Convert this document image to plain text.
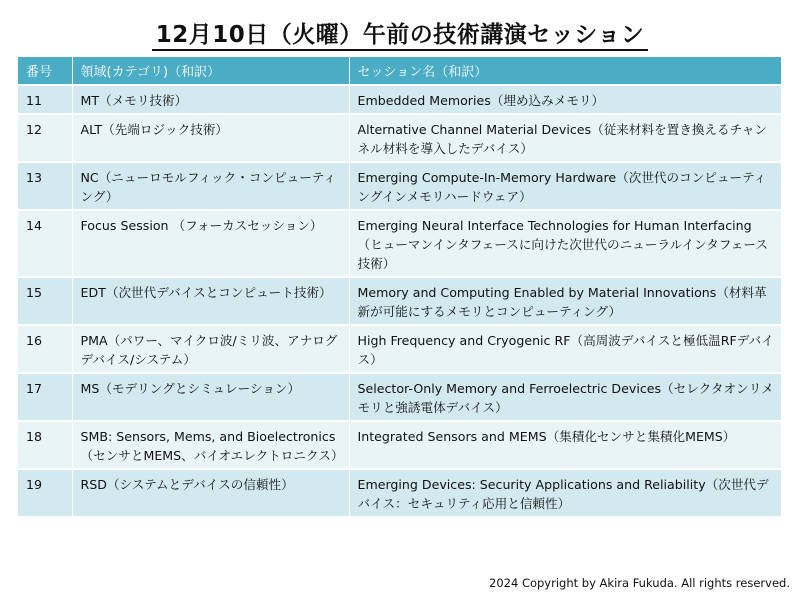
12月10日（火曜）午前の技術講演セッション
番号	領域(カテゴリ)（和訳）	セッション名（和訳）
11	MT（メモリ技術）	Embedded Memories（埋め込みメモリ）
12	ALT（先端ロジック技術）	Alternative Channel Material Devices（従来材料を置き換えるチャンネル材料を導入したデバイス）
13	NC（ニューロモルフィック・コンピューティング）	Emerging Compute-In-Memory Hardware（次世代のコンピューティングインメモリハードウェア）
14	Focus Session （フォーカスセッション）	Emerging Neural Interface Technologies for Human Interfacing（ヒューマンインタフェースに向けた次世代のニューラルインタフェース技術）
15	EDT（次世代デバイスとコンピュート技術）	Memory and Computing Enabled by Material Innovations（材料革新が可能にするメモリとコンピューティング）
16	PMA（パワー、マイクロ波/ミリ波、アナログデバイス/システム）	High Frequency and Cryogenic RF（高周波デバイスと極低温RFデバイス）
17	MS（モデリングとシミュレーション）	Selector-Only Memory and Ferroelectric Devices（セレクタオンリメモリと強誘電体デバイス）
18	SMB: Sensors, Mems, and Bioelectronics（センサとMEMS、バイオエレクトロニクス）	Integrated Sensors and MEMS（集積化センサと集積化MEMS）
19	RSD（システムとデバイスの信頼性）	Emerging Devices: Security Applications and Reliability（次世代デバイス：セキュリティ応用と信頼性）
2024 Copyright by Akira Fukuda. All rights reserved.
